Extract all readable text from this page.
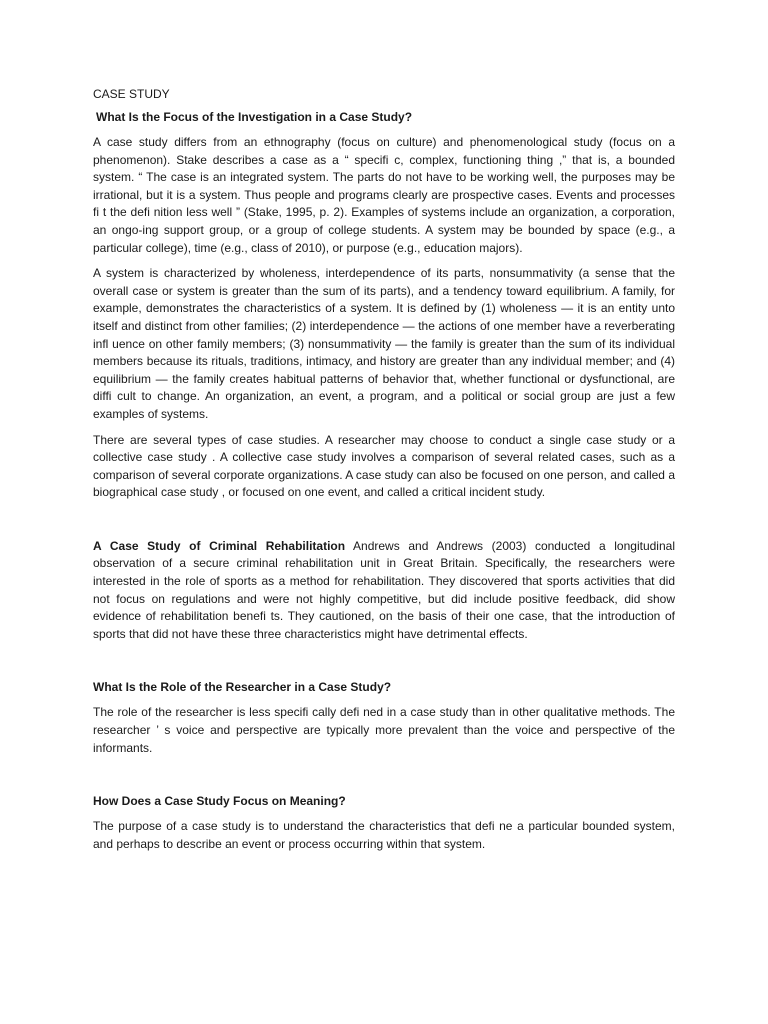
CASE STUDY
What Is the Focus of the Investigation in a Case Study?

A case study differs from an ethnography (focus on culture) and phenomenological study (focus on a phenomenon). Stake describes a case as a “ specifi c, complex, functioning thing ,” that is, a bounded system. “ The case is an integrated system. The parts do not have to be working well, the purposes may be irrational, but it is a system. Thus people and programs clearly are prospective cases. Events and processes fi t the defi nition less well ” (Stake, 1995, p. 2). Examples of systems include an organization, a corporation, an ongo-ing support group, or a group of college students. A system may be bounded by space (e.g., a particular college), time (e.g., class of 2010), or purpose (e.g., education majors).

A system is characterized by wholeness, interdependence of its parts, nonsummativity (a sense that the overall case or system is greater than the sum of its parts), and a tendency toward equilibrium. A family, for example, demonstrates the characteristics of a system. It is defined by (1) wholeness — it is an entity unto itself and distinct from other families; (2) interdependence — the actions of one member have a reverberating infl uence on other family members; (3) nonsummativity — the family is greater than the sum of its individual members because its rituals, traditions, intimacy, and history are greater than any individual member; and (4) equilibrium — the family creates habitual patterns of behavior that, whether functional or dysfunctional, are diffi cult to change. An organization, an event, a program, and a political or social group are just a few examples of systems.

There are several types of case studies. A researcher may choose to conduct a single case study or a collective case study . A collective case study involves a comparison of several related cases, such as a comparison of several corporate organizations. A case study can also be focused on one person, and called a biographical case study , or focused on one event, and called a critical incident study.

A Case Study of Criminal Rehabilitation Andrews and Andrews (2003) conducted a longitudinal observation of a secure criminal rehabilitation unit in Great Britain. Specifically, the researchers were interested in the role of sports as a method for rehabilitation. They discovered that sports activities that did not focus on regulations and were not highly competitive, but did include positive feedback, did show evidence of rehabilitation benefi ts. They cautioned, on the basis of their one case, that the introduction of sports that did not have these three characteristics might have detrimental effects.

What Is the Role of the Researcher in a Case Study?

The role of the researcher is less specifi cally defi ned in a case study than in other qualitative methods. The researcher ’ s voice and perspective are typically more prevalent than the voice and perspective of the informants.

How Does a Case Study Focus on Meaning?

The purpose of a case study is to understand the characteristics that defi ne a particular bounded system, and perhaps to describe an event or process occurring within that system.
